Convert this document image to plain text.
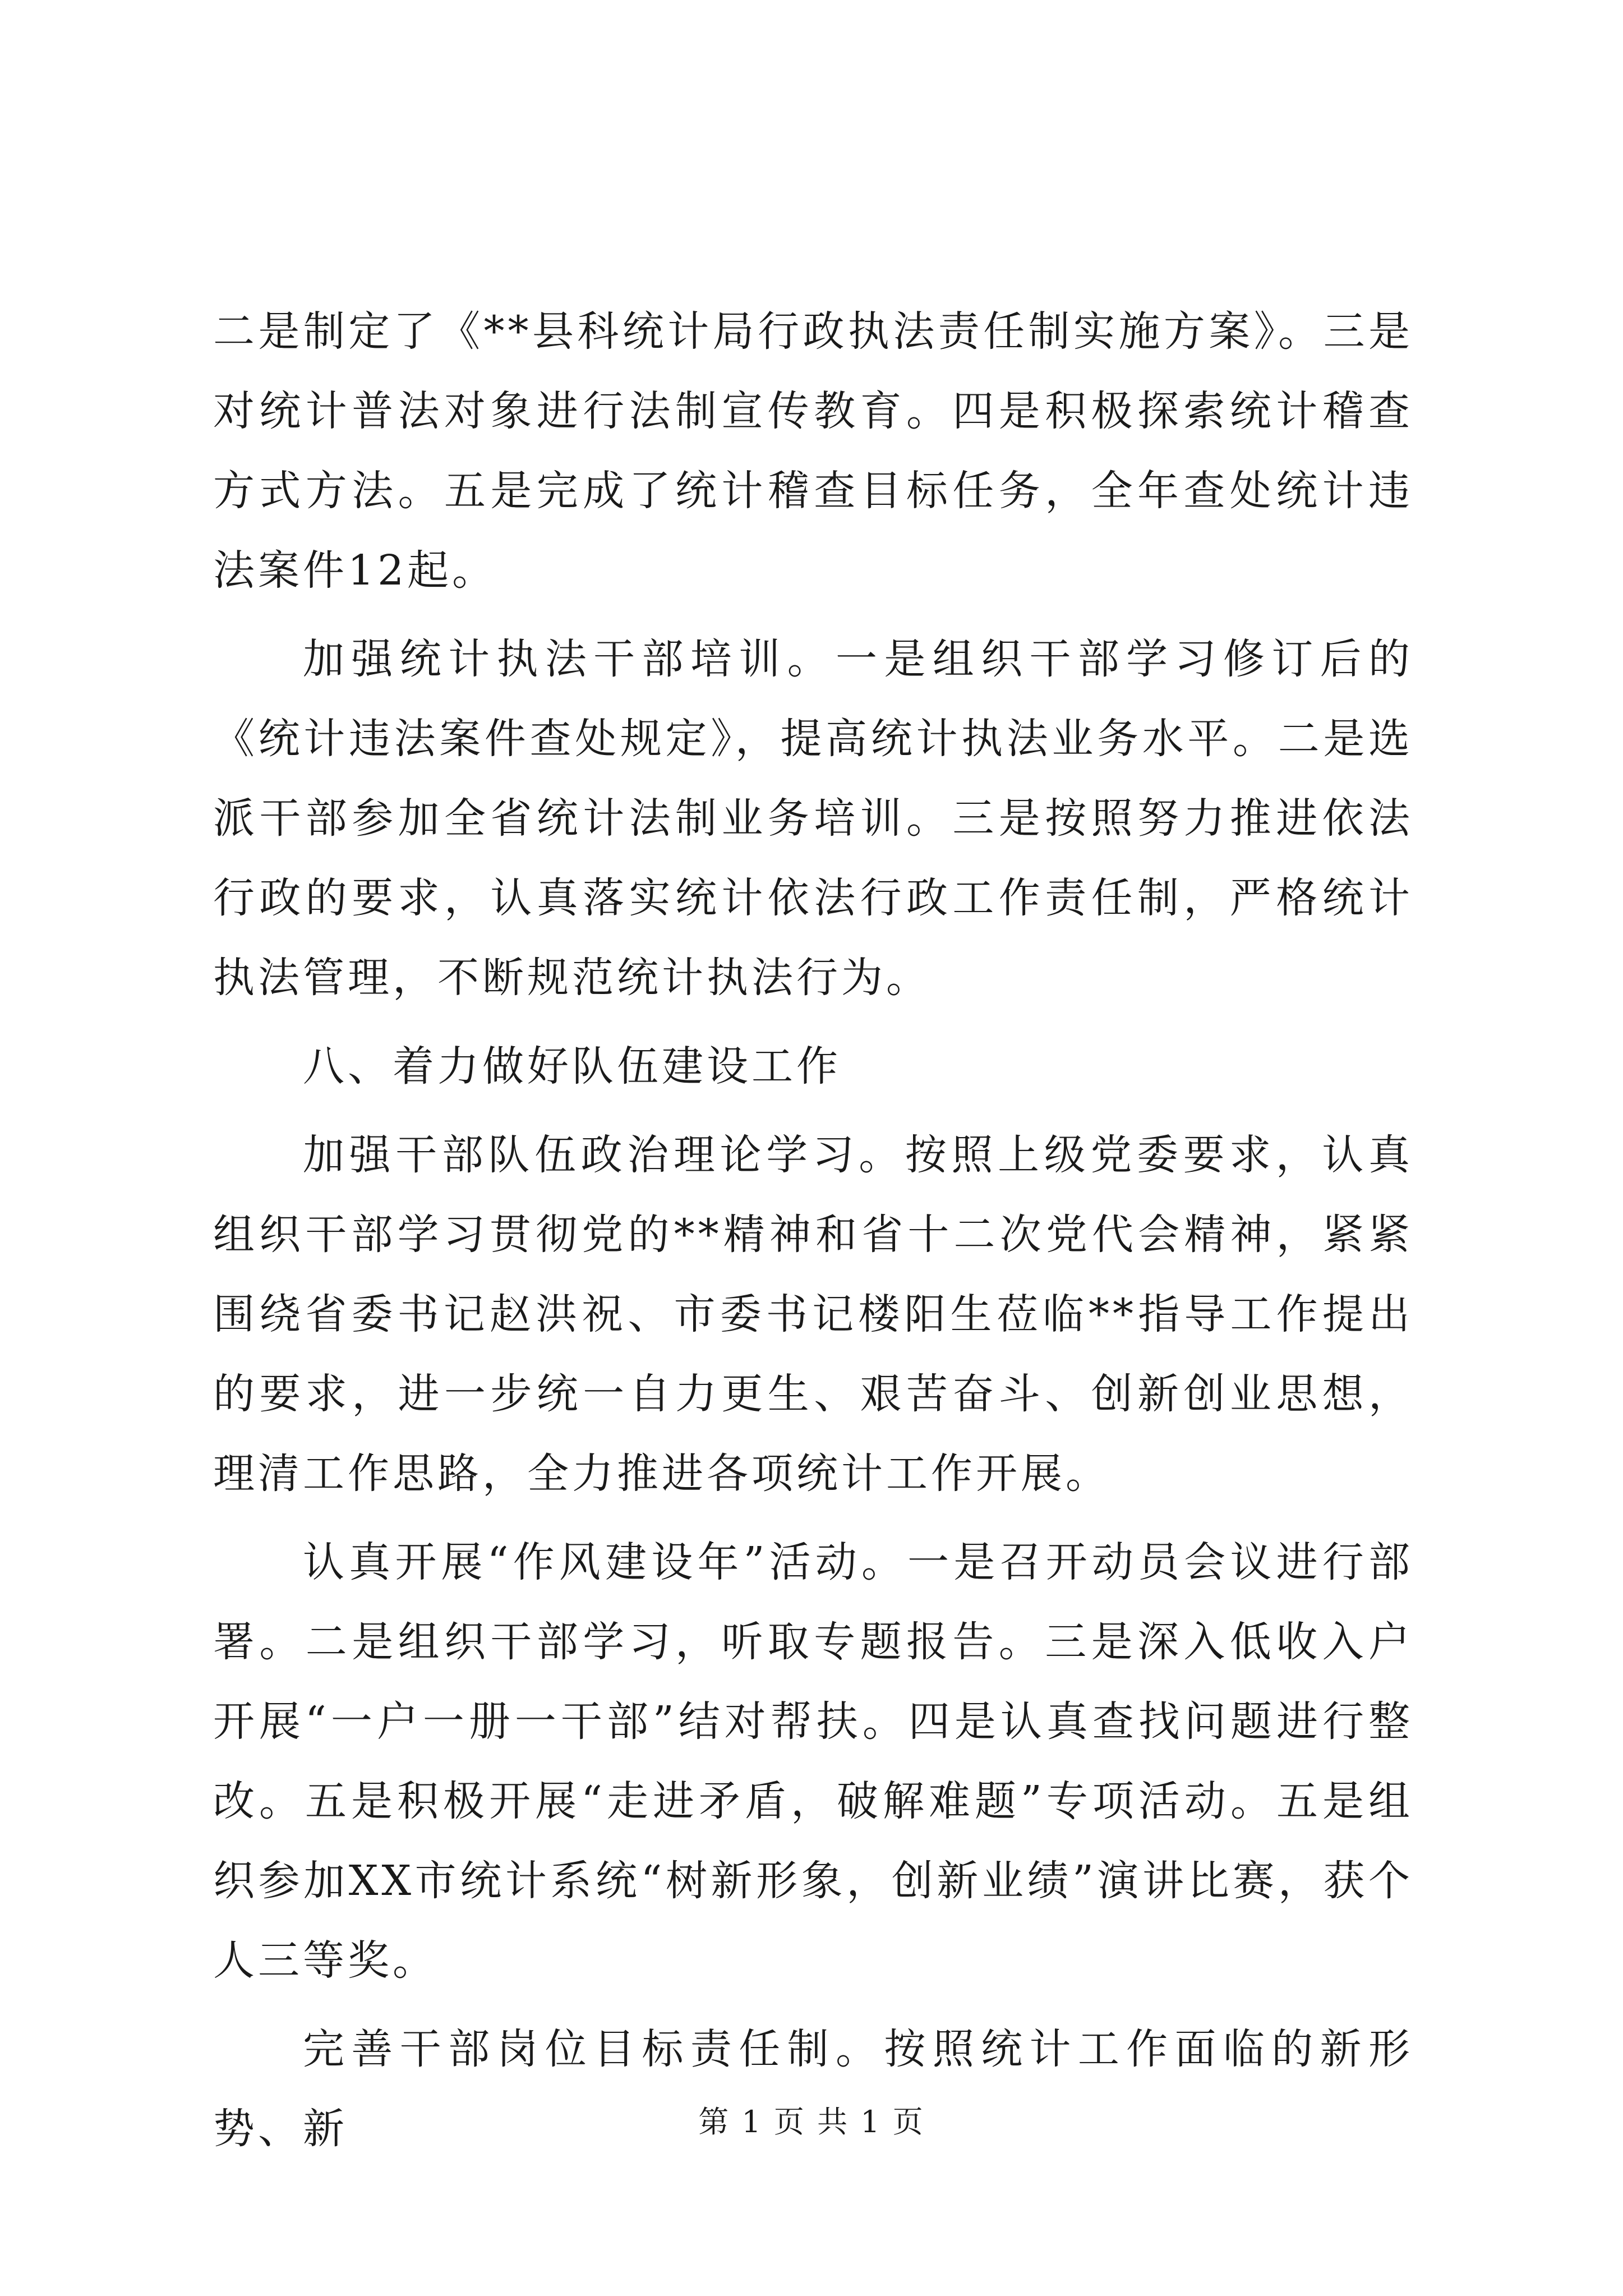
二是制定了《**县科统计局行政执法责任制实施方案》。三是对统计普法对象进行法制宣传教育。四是积极探索统计稽查方式方法。五是完成了统计稽查目标任务，全年查处统计违法案件12起。

加强统计执法干部培训。一是组织干部学习修订后的《统计违法案件查处规定》，提高统计执法业务水平。二是选派干部参加全省统计法制业务培训。三是按照努力推进依法行政的要求，认真落实统计依法行政工作责任制，严格统计执法管理，不断规范统计执法行为。

八、着力做好队伍建设工作

加强干部队伍政治理论学习。按照上级党委要求，认真组织干部学习贯彻党的**精神和省十二次党代会精神，紧紧围绕省委书记赵洪祝、市委书记楼阳生莅临**指导工作提出的要求，进一步统一自力更生、艰苦奋斗、创新创业思想，理清工作思路，全力推进各项统计工作开展。

认真开展“作风建设年”活动。一是召开动员会议进行部署。二是组织干部学习，听取专题报告。三是深入低收入户开展“一户一册一干部”结对帮扶。四是认真查找问题进行整改。五是积极开展“走进矛盾，破解难题”专项活动。五是组织参加XX市统计系统“树新形象，创新业绩”演讲比赛，获个人三等奖。

完善干部岗位目标责任制。按照统计工作面临的新形势、新	第 1 页 共 1 页
